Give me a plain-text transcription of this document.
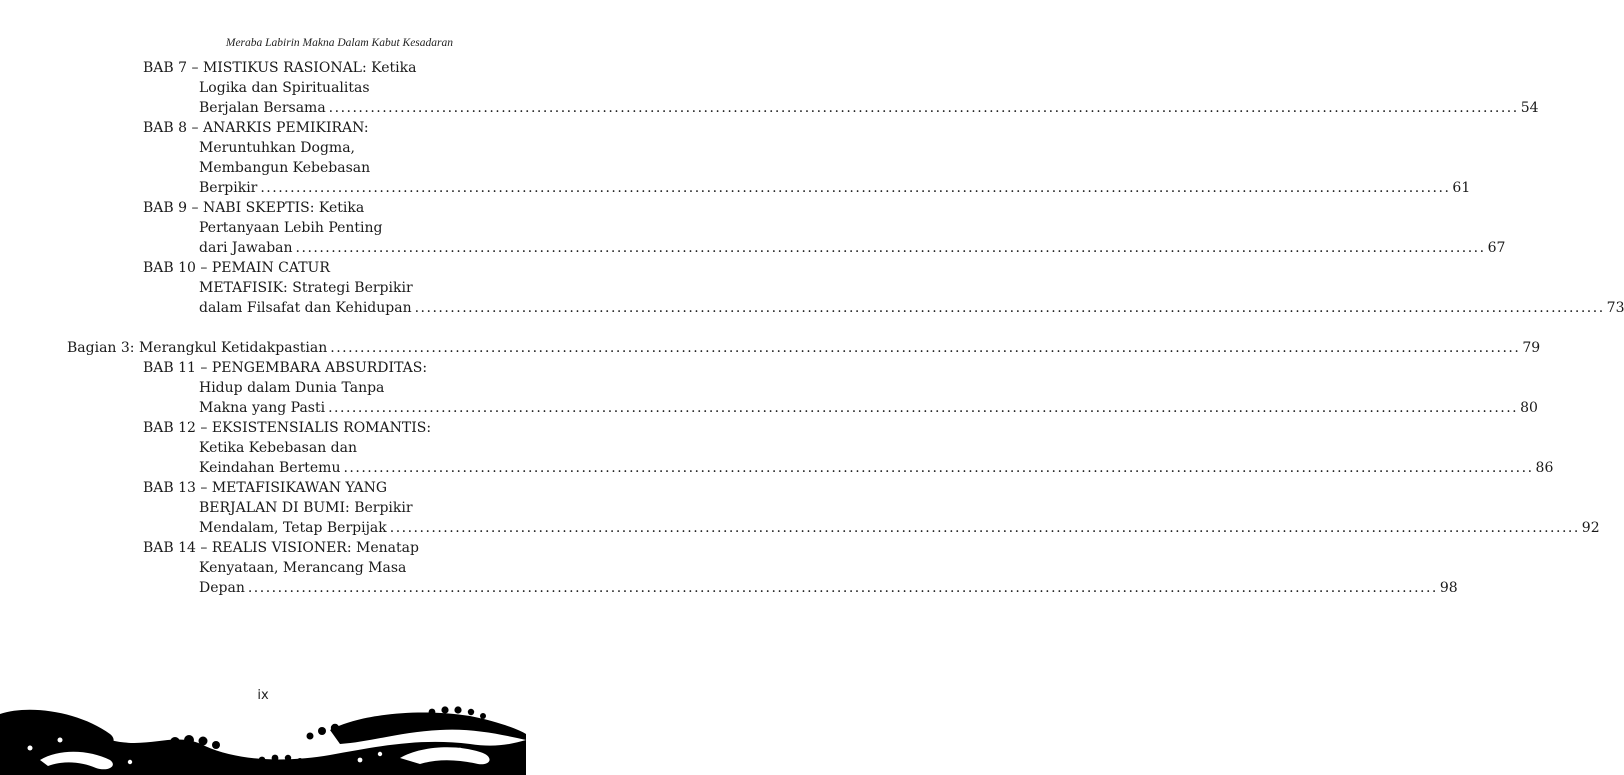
Meraba Labirin Makna Dalam Kabut Kesadaran
BAB 7 – MISTIKUS RASIONAL: Ketika
Logika dan Spiritualitas
Berjalan Bersama ........................................................................................................................................................................................................ 54
BAB 8 – ANARKIS PEMIKIRAN:
Meruntuhkan Dogma,
Membangun Kebebasan
Berpikir ........................................................................................................................................................................................................ 61
BAB 9 – NABI SKEPTIS: Ketika
Pertanyaan Lebih Penting
dari Jawaban ........................................................................................................................................................................................................ 67
BAB 10 – PEMAIN CATUR
METAFISIK: Strategi Berpikir
dalam Filsafat dan Kehidupan ........................................................................................................................................................................................................ 73
Bagian 3: Merangkul Ketidakpastian ........................................................................................................................................................................................................ 79
BAB 11 – PENGEMBARA ABSURDITAS:
Hidup dalam Dunia Tanpa
Makna yang Pasti ........................................................................................................................................................................................................ 80
BAB 12 – EKSISTENSIALIS ROMANTIS:
Ketika Kebebasan dan
Keindahan Bertemu ........................................................................................................................................................................................................ 86
BAB 13 – METAFISIKAWAN YANG
BERJALAN DI BUMI: Berpikir
Mendalam, Tetap Berpijak ........................................................................................................................................................................................................ 92
BAB 14 – REALIS VISIONER: Menatap
Kenyataan, Merancang Masa
Depan ........................................................................................................................................................................................................ 98
ix
